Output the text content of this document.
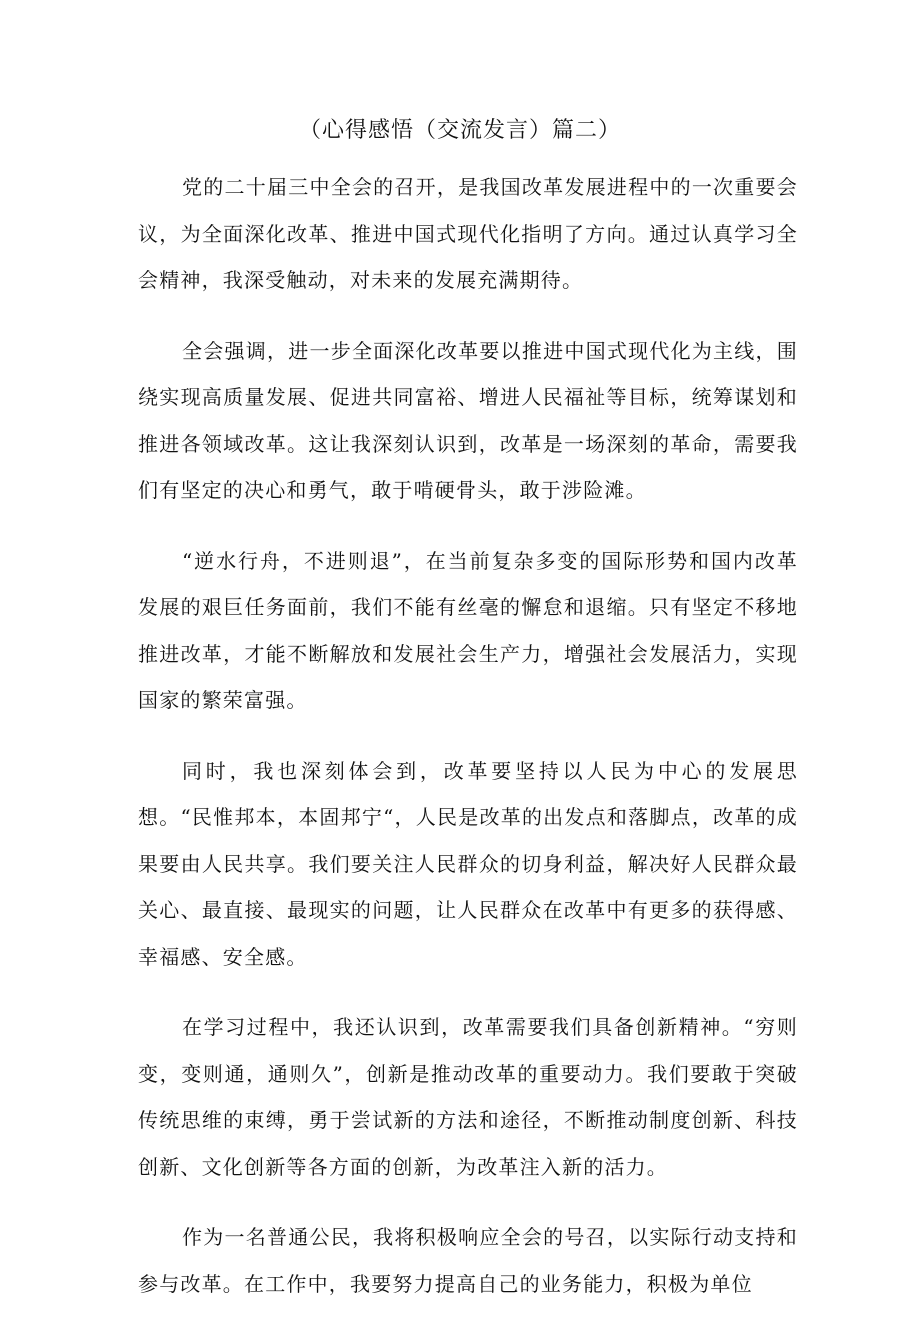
（心得感悟（交流发言）篇二）

党的二十届三中全会的召开，是我国改革发展进程中的一次重要会议，为全面深化改革、推进中国式现代化指明了方向。通过认真学习全会精神，我深受触动，对未来的发展充满期待。

全会强调，进一步全面深化改革要以推进中国式现代化为主线，围绕实现高质量发展、促进共同富裕、增进人民福祉等目标，统筹谋划和推进各领域改革。这让我深刻认识到，改革是一场深刻的革命，需要我们有坚定的决心和勇气，敢于啃硬骨头，敢于涉险滩。

“逆水行舟，不进则退”，在当前复杂多变的国际形势和国内改革发展的艰巨任务面前，我们不能有丝毫的懈怠和退缩。只有坚定不移地推进改革，才能不断解放和发展社会生产力，增强社会发展活力，实现国家的繁荣富强。

同时，我也深刻体会到，改革要坚持以人民为中心的发展思想。“民惟邦本，本固邦宁“，人民是改革的出发点和落脚点，改革的成果要由人民共享。我们要关注人民群众的切身利益，解决好人民群众最关心、最直接、最现实的问题，让人民群众在改革中有更多的获得感、幸福感、安全感。

在学习过程中，我还认识到，改革需要我们具备创新精神。“穷则变，变则通，通则久”，创新是推动改革的重要动力。我们要敢于突破传统思维的束缚，勇于尝试新的方法和途径，不断推动制度创新、科技创新、文化创新等各方面的创新，为改革注入新的活力。

作为一名普通公民，我将积极响应全会的号召，以实际行动支持和参与改革。在工作中，我要努力提高自己的业务能力，积极为单位
